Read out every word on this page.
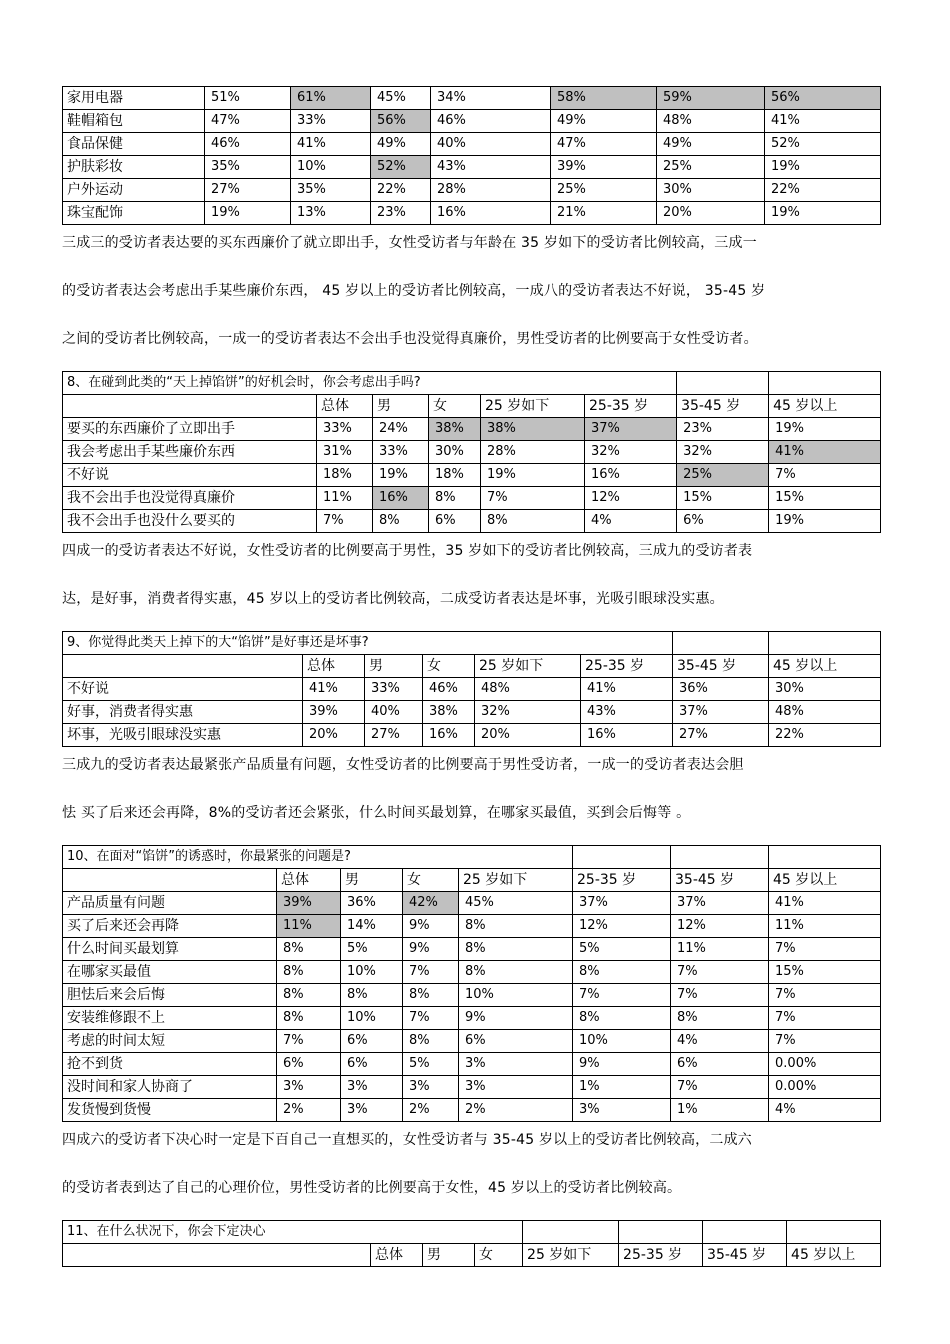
家用电器	51%	61%	45%	34%	58%	59%	56%
鞋帽箱包	47%	33%	56%	46%	49%	48%	41%
食品保健	46%	41%	49%	40%	47%	49%	52%
护肤彩妆	35%	10%	52%	43%	39%	25%	19%
户外运动	27%	35%	22%	28%	25%	30%	22%
珠宝配饰	19%	13%	23%	16%	21%	20%	19%

三成三的受访者表达要的买东西廉价了就立即出手，女性受访者与年龄在 35 岁如下的受访者比例较高，三成一

的受访者表达会考虑出手某些廉价东西， 45 岁以上的受访者比例较高，一成八的受访者表达不好说， 35-45 岁

之间的受访者比例较高，一成一的受访者表达不会出手也没觉得真廉价，男性受访者的比例要高于女性受访者。

8、在碰到此类的“天上掉馅饼”的好机会时，你会考虑出手吗?							
	总体	男	女	25 岁如下	25-35 岁	35-45 岁	45 岁以上
要买的东西廉价了立即出手	33%	24%	38%	38%	37%	23%	19%
我会考虑出手某些廉价东西	31%	33%	30%	28%	32%	32%	41%
不好说	18%	19%	18%	19%	16%	25%	7%
我不会出手也没觉得真廉价	11%	16%	8%	7%	12%	15%	15%
我不会出手也没什么要买的	7%	8%	6%	8%	4%	6%	19%

四成一的受访者表达不好说，女性受访者的比例要高于男性，35 岁如下的受访者比例较高，三成九的受访者表

达，是好事，消费者得实惠，45 岁以上的受访者比例较高，二成受访者表达是坏事，光吸引眼球没实惠。

9、你觉得此类天上掉下的大“馅饼”是好事还是坏事?							
	总体	男	女	25 岁如下	25-35 岁	35-45 岁	45 岁以上
不好说	41%	33%	46%	48%	41%	36%	30%
好事，消费者得实惠	39%	40%	38%	32%	43%	37%	48%
坏事，光吸引眼球没实惠	20%	27%	16%	20%	16%	27%	22%

三成九的受访者表达最紧张产品质量有问题，女性受访者的比例要高于男性受访者，一成一的受访者表达会胆

怯 买了后来还会再降，8%的受访者还会紧张，什么时间买最划算，在哪家买最值，买到会后悔等 。

10、在面对“馅饼”的诱惑时，你最紧张的问题是?							
	总体	男	女	25 岁如下	25-35 岁	35-45 岁	45 岁以上
产品质量有问题	39%	36%	42%	45%	37%	37%	41%
买了后来还会再降	11%	14%	9%	8%	12%	12%	11%
什么时间买最划算	8%	5%	9%	8%	5%	11%	7%
在哪家买最值	8%	10%	7%	8%	8%	7%	15%
胆怯后来会后悔	8%	8%	8%	10%	7%	7%	7%
安装维修跟不上	8%	10%	7%	9%	8%	8%	7%
考虑的时间太短	7%	6%	8%	6%	10%	4%	7%
抢不到货	6%	6%	5%	3%	9%	6%	0.00%
没时间和家人协商了	3%	3%	3%	3%	1%	7%	0.00%
发货慢到货慢	2%	3%	2%	2%	3%	1%	4%

四成六的受访者下决心时一定是下百自己一直想买的，女性受访者与 35-45 岁以上的受访者比例较高，二成六

的受访者表到达了自己的心理价位，男性受访者的比例要高于女性，45 岁以上的受访者比例较高。

11、在什么状况下，你会下定决心							
	总体	男	女	25 岁如下	25-35 岁	35-45 岁	45 岁以上
